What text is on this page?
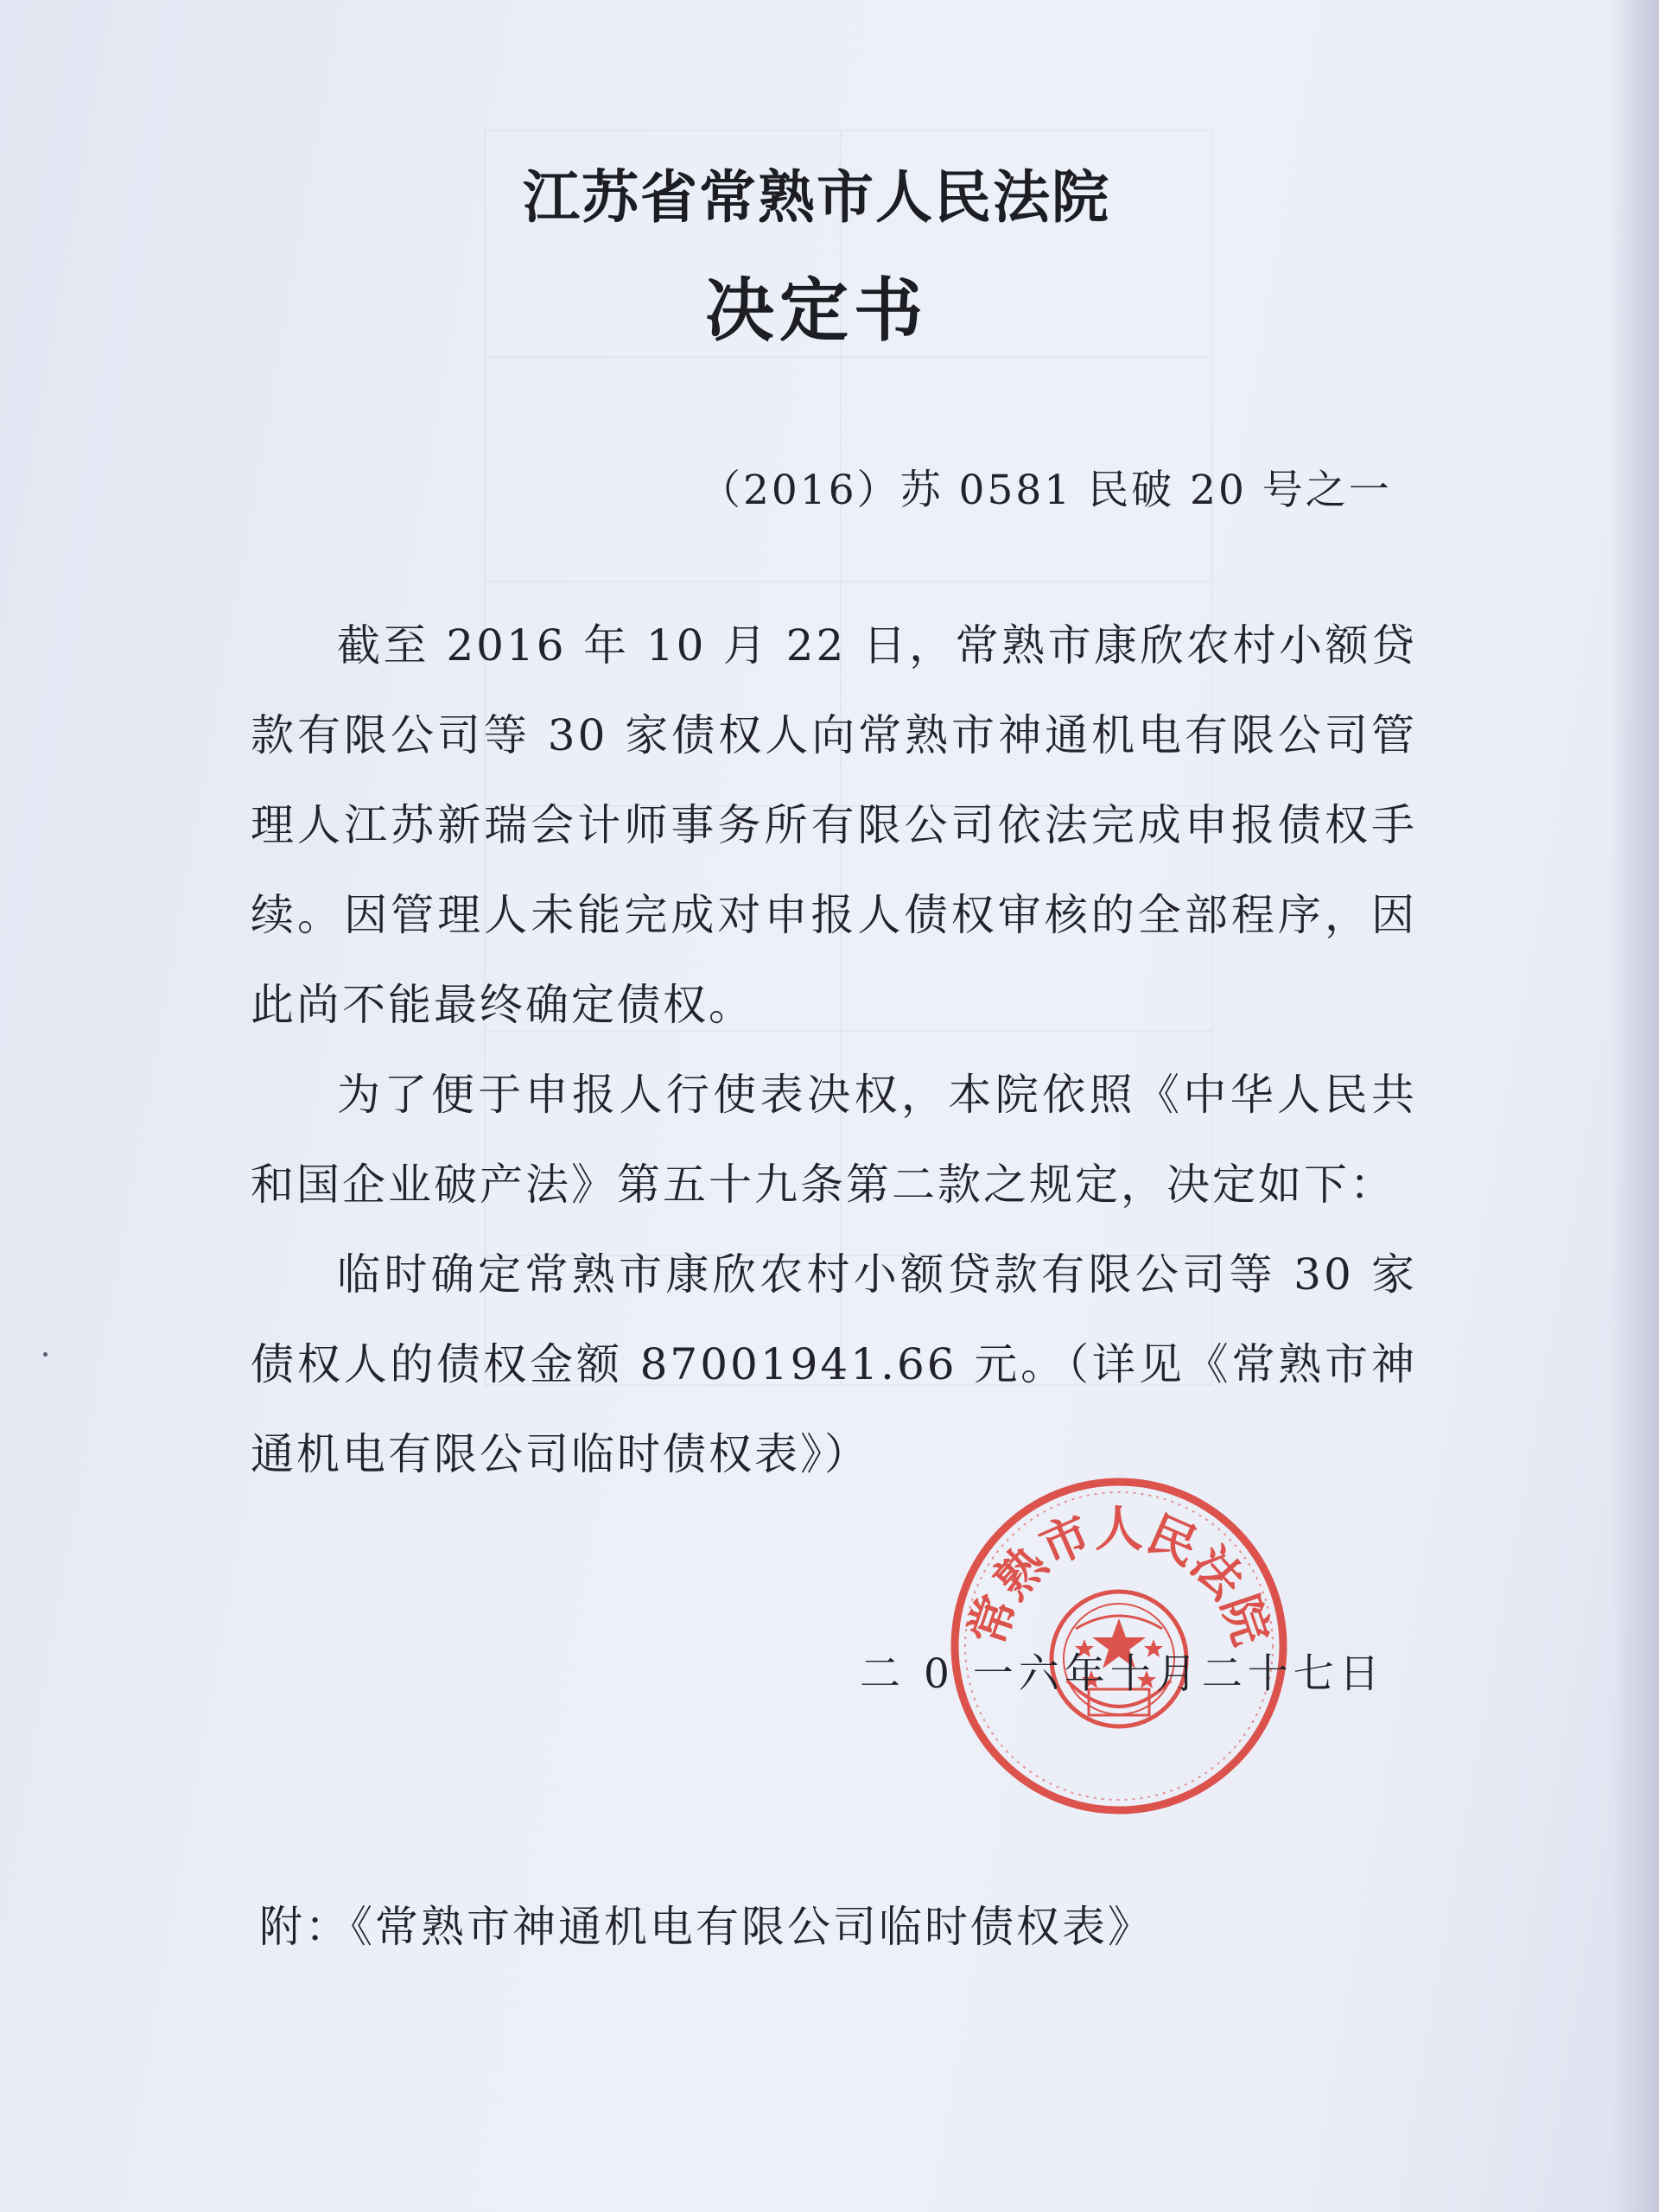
江苏省常熟市人民法院
决定书
（2016）苏 0581 民破 20 号之一

截至 2016 年 10 月 22 日，常熟市康欣农村小额贷款有限公司等 30 家债权人向常熟市神通机电有限公司管理人江苏新瑞会计师事务所有限公司依法完成申报债权手续。因管理人未能完成对申报人债权审核的全部程序，因此尚不能最终确定债权。

为了便于申报人行使表决权，本院依照《中华人民共和国企业破产法》第五十九条第二款之规定，决定如下：

临时确定常熟市康欣农村小额贷款有限公司等 30 家债权人的债权金额 87001941.66 元。（详见《常熟市神通机电有限公司临时债权表》）

常熟市人民法院
二 0 一六年十月二十七日
附：《常熟市神通机电有限公司临时债权表》
